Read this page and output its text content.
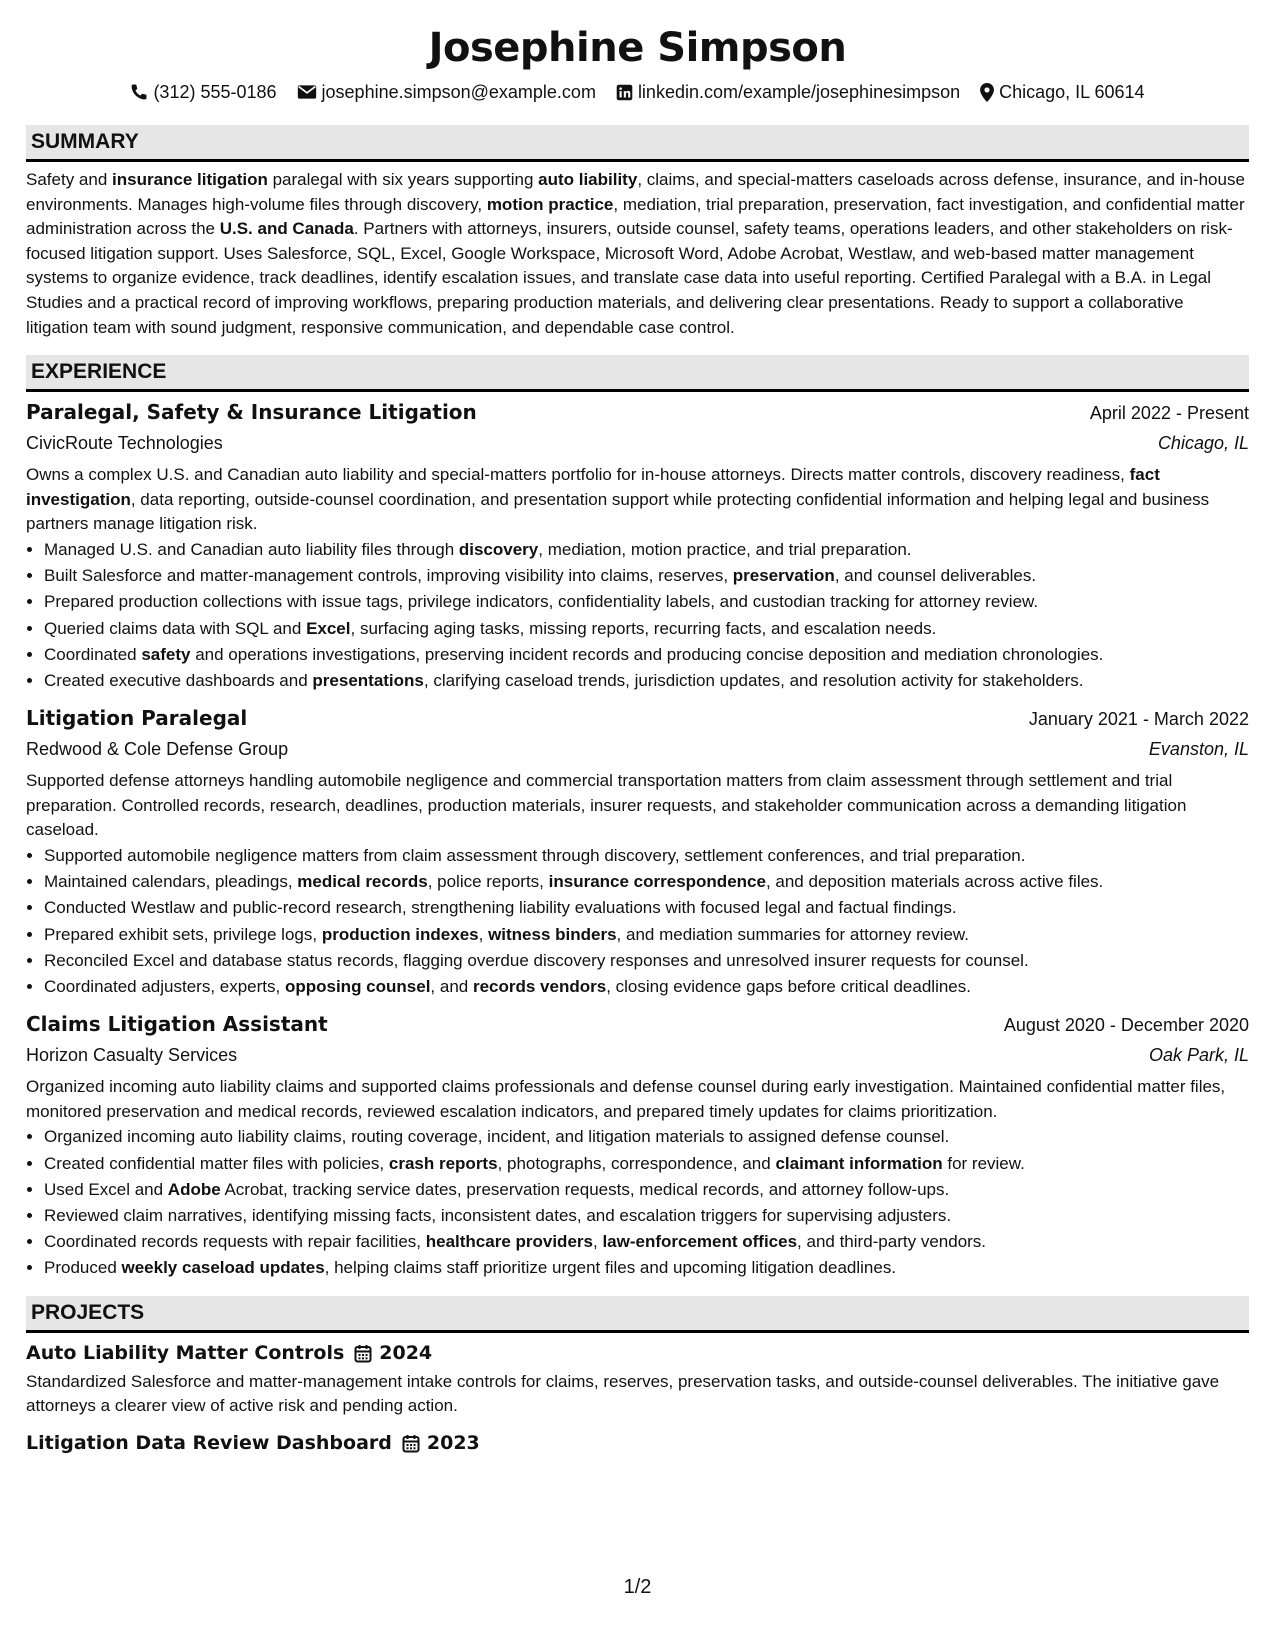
Josephine Simpson
(312) 555-0186	josephine.simpson@example.com linkedin.com/example/josephinesimpson Chicago, IL 60614
SUMMARY

Safety and insurance litigation paralegal with six years supporting auto liability, claims, and special-matters caseloads across defense, insurance, and in-house environments. Manages high-volume files through discovery, motion practice, mediation, trial preparation, preservation, fact investigation, and confidential matter administration across the U.S. and Canada. Partners with attorneys, insurers, outside counsel, safety teams, operations leaders, and other stakeholders on risk-focused litigation support. Uses Salesforce, SQL, Excel, Google Workspace, Microsoft Word, Adobe Acrobat, Westlaw, and web-based matter management systems to organize evidence, track deadlines, identify escalation issues, and translate case data into useful reporting. Certified Paralegal with a B.A. in Legal Studies and a practical record of improving workflows, preparing production materials, and delivering clear presentations. Ready to support a collaborative litigation team with sound judgment, responsive communication, and dependable case control.

EXPERIENCE
Paralegal, Safety & Insurance Litigation	April 2022 - Present
CivicRoute Technologies	Chicago, IL

Owns a complex U.S. and Canadian auto liability and special-matters portfolio for in-house attorneys. Directs matter controls, discovery readiness, fact investigation, data reporting, outside-counsel coordination, and presentation support while protecting confidential information and helping legal and business partners manage litigation risk.

• Managed U.S. and Canadian auto liability files through discovery, mediation, motion practice, and trial preparation.
• Built Salesforce and matter-management controls, improving visibility into claims, reserves, preservation, and counsel deliverables.
• Prepared production collections with issue tags, privilege indicators, confidentiality labels, and custodian tracking for attorney review.
• Queried claims data with SQL and Excel, surfacing aging tasks, missing reports, recurring facts, and escalation needs.
• Coordinated safety and operations investigations, preserving incident records and producing concise deposition and mediation chronologies.
• Created executive dashboards and presentations, clarifying caseload trends, jurisdiction updates, and resolution activity for stakeholders.
Litigation Paralegal	January 2021 - March 2022
Redwood & Cole Defense Group	Evanston, IL

Supported defense attorneys handling automobile negligence and commercial transportation matters from claim assessment through settlement and trial preparation. Controlled records, research, deadlines, production materials, insurer requests, and stakeholder communication across a demanding litigation caseload.

• Supported automobile negligence matters from claim assessment through discovery, settlement conferences, and trial preparation.
• Maintained calendars, pleadings, medical records, police reports, insurance correspondence, and deposition materials across active files.
• Conducted Westlaw and public-record research, strengthening liability evaluations with focused legal and factual findings.
• Prepared exhibit sets, privilege logs, production indexes, witness binders, and mediation summaries for attorney review.
• Reconciled Excel and database status records, flagging overdue discovery responses and unresolved insurer requests for counsel.
• Coordinated adjusters, experts, opposing counsel, and records vendors, closing evidence gaps before critical deadlines.
Claims Litigation Assistant	August 2020 - December 2020
Horizon Casualty Services	Oak Park, IL

Organized incoming auto liability claims and supported claims professionals and defense counsel during early investigation. Maintained confidential matter files, monitored preservation and medical records, reviewed escalation indicators, and prepared timely updates for claims prioritization.

• Organized incoming auto liability claims, routing coverage, incident, and litigation materials to assigned defense counsel.
• Created confidential matter files with policies, crash reports, photographs, correspondence, and claimant information for review.
• Used Excel and Adobe Acrobat, tracking service dates, preservation requests, medical records, and attorney follow-ups.
• Reviewed claim narratives, identifying missing facts, inconsistent dates, and escalation triggers for supervising adjusters.
• Coordinated records requests with repair facilities, healthcare providers, law-enforcement offices, and third-party vendors.
• Produced weekly caseload updates, helping claims staff prioritize urgent files and upcoming litigation deadlines.
PROJECTS
Auto Liability Matter Controls 2024

Standardized Salesforce and matter-management intake controls for claims, reserves, preservation tasks, and outside-counsel deliverables. The initiative gave attorneys a clearer view of active risk and pending action.

Litigation Data Review Dashboard 2023
1/2
